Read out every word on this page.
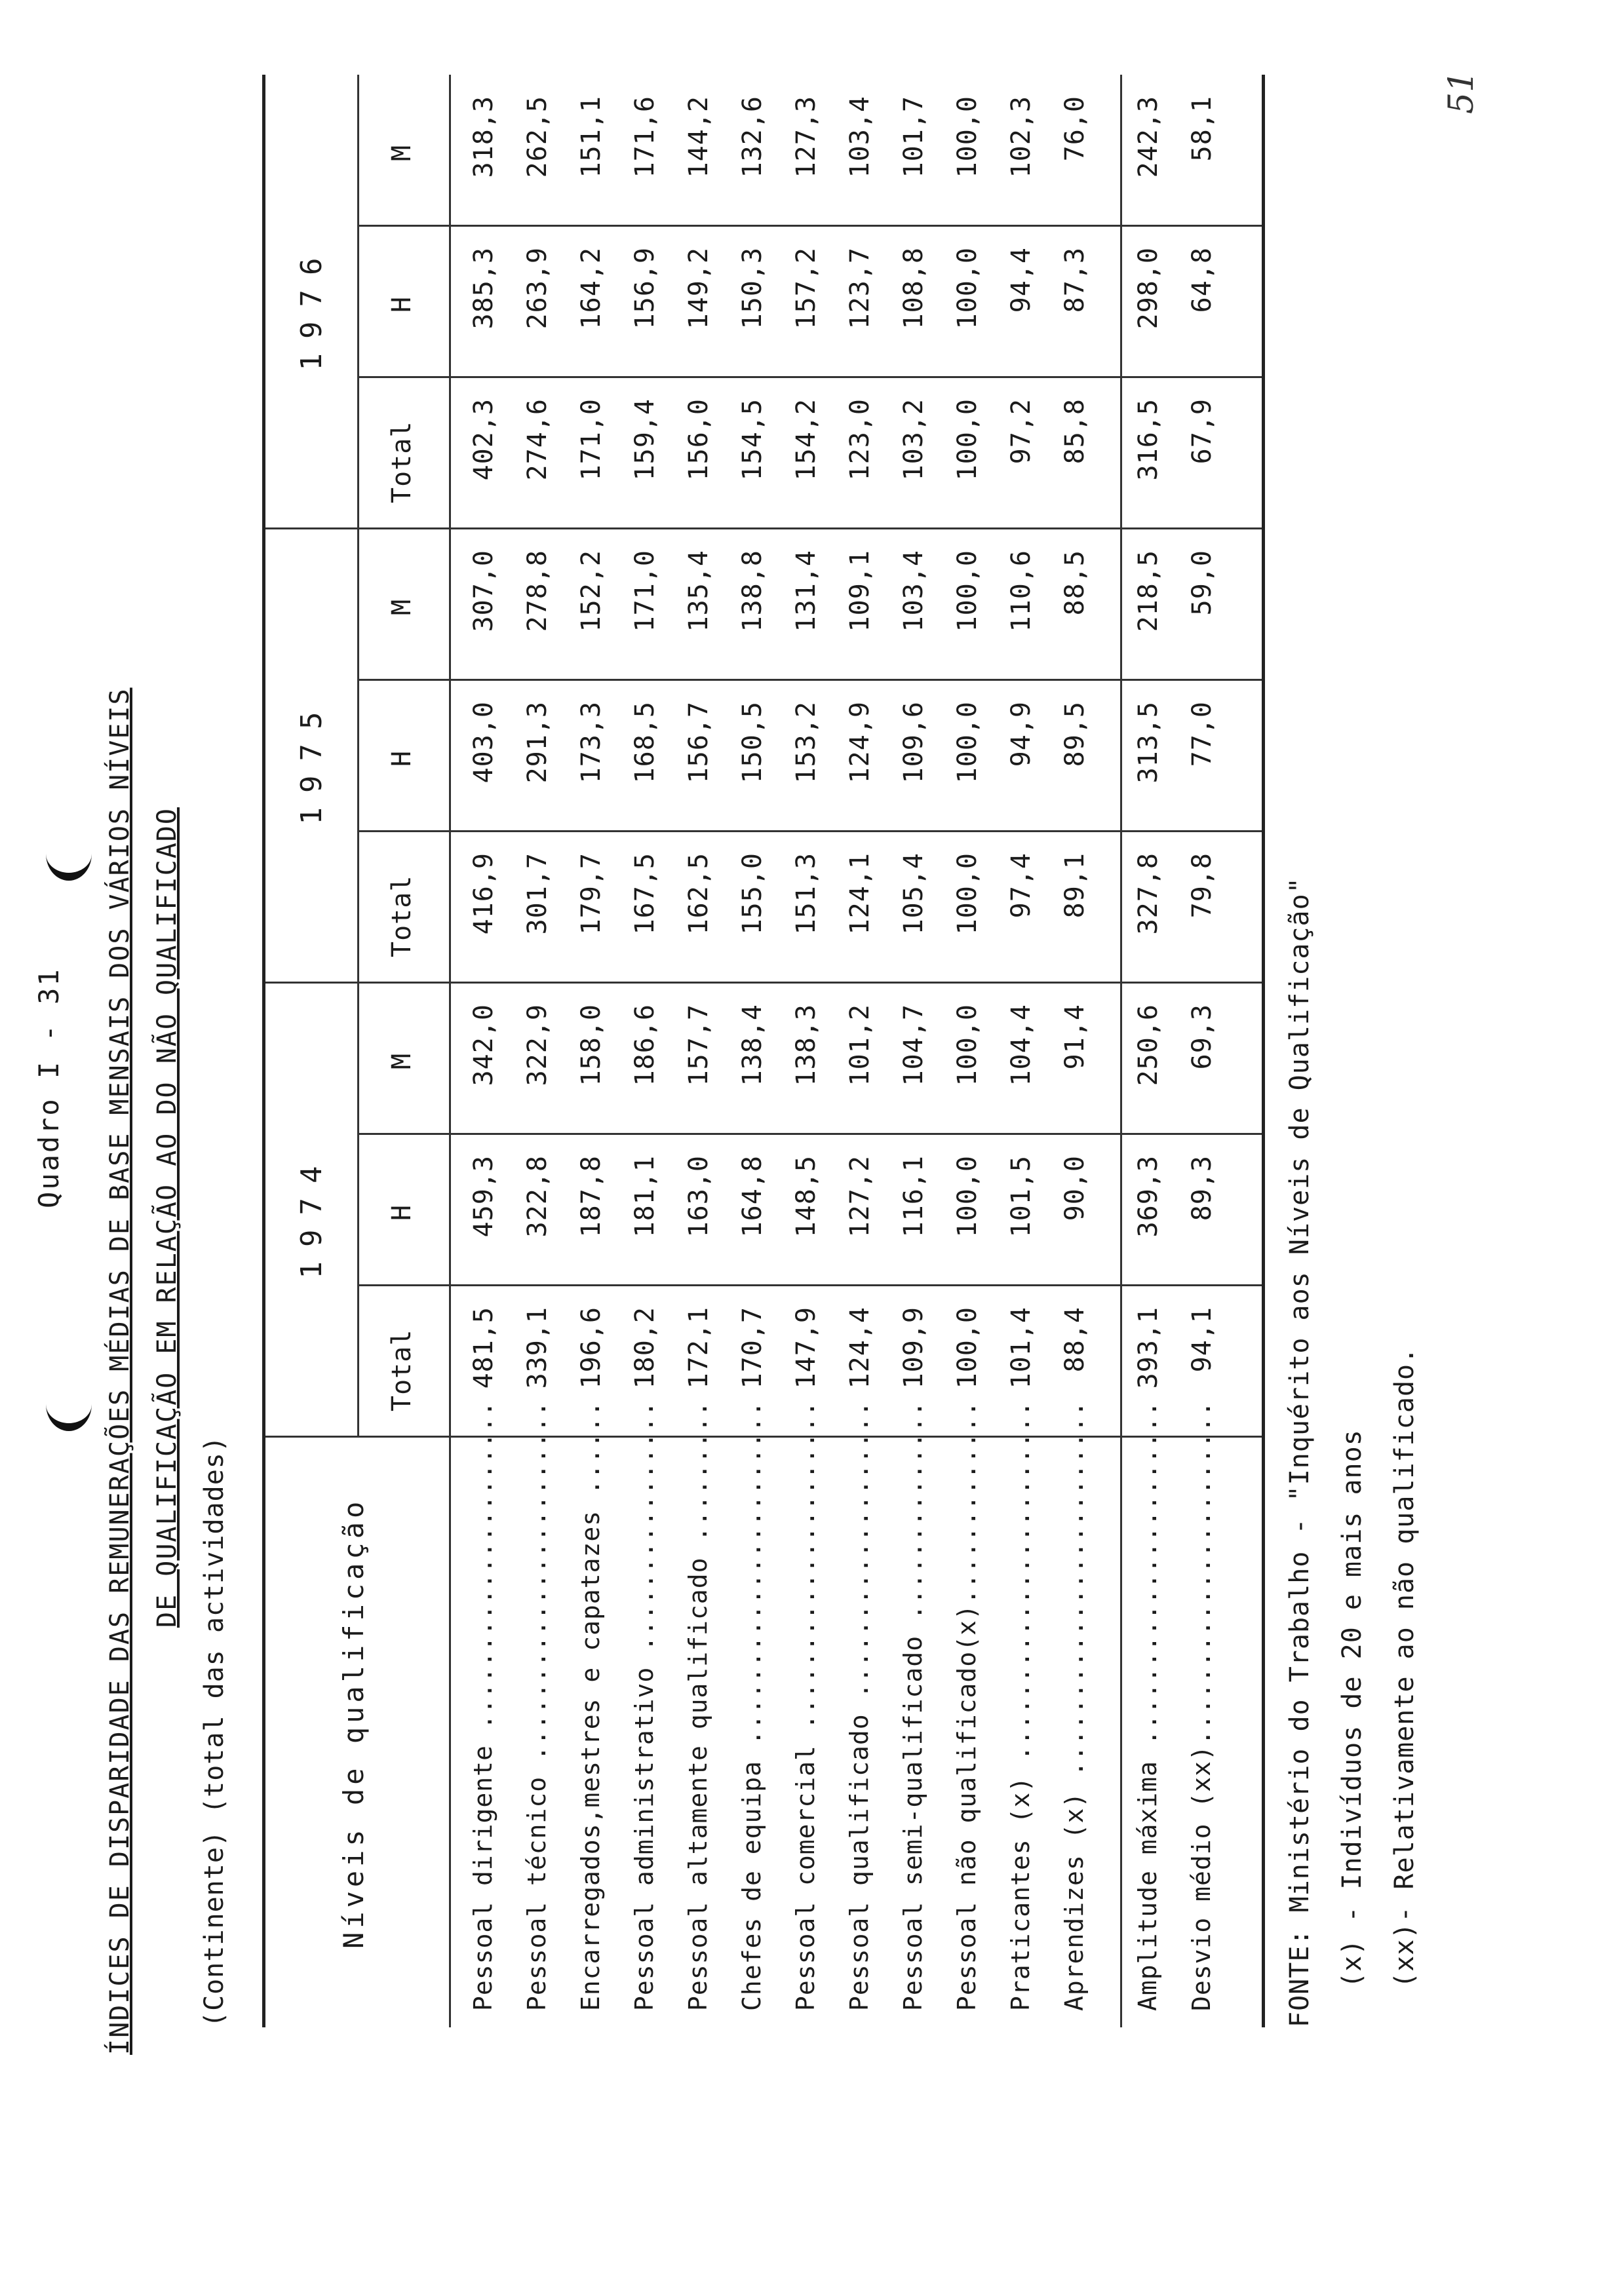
Quadro I - 31 ÍNDICES DE DISPARIDADE DAS REMUNERAÇÕES MÉDIAS DE BASE MENSAIS DOS VÁRIOS NÍVEIS DE QUALIFICAÇÃO EM RELAÇÃO AO DO NÃO QUALIFICADO
(Continente) (total das actividades)
51
Níveis de qualificação
1974
Total
H
M
1975
Total
H
M
1976
Total
H
M
Pessoal dirigente .....................
481,5
459,3
342,0
416,9
403,0
307,0
402,3
385,3
318,3
Pessoal técnico .......................
339,1
322,8
322,9
301,7
291,3
278,8
274,6
263,9
262,5
Encarregados,mestres e capatazes ......
196,6
187,8
158,0
179,7
173,3
152,2
171,0
164,2
151,1
Pessoal administrativo ................
180,2
181,1
186,6
167,5
168,5
171,0
159,4
156,9
171,6
Pessoal altamente qualificado .........
172,1
163,0
157,7
162,5
156,7
135,4
156,0
149,2
144,2
Chefes de equipa ......................
170,7
164,8
138,4
155,0
150,5
138,8
154,5
150,3
132,6
Pessoal comercial .....................
147,9
148,5
138,3
151,3
153,2
131,4
154,2
157,2
127,3
Pessoal qualificado ...................
124,4
127,2
101,2
124,1
124,9
109,1
123,0
123,7
103,4
Pessoal semi-qualificado ..............
109,9
116,1
104,7
105,4
109,6
103,4
103,2
108,8
101,7
Pessoal não qualificado(x).............
100,0
100,0
100,0
100,0
100,0
100,0
100,0
100,0
100,0
Praticantes (x) .......................
101,4
101,5
104,4
97,4
94,9
110,6
97,2
94,4
102,3
Aprendizes (x) ........................
88,4
90,0
91,4
89,1
89,5
88,5
85,8
87,3
76,0
Amplitude máxima ......................
393,1
369,3
250,6
327,8
313,5
218,5
316,5
298,0
242,3
Desvio médio (xx)......................
94,1
89,3
69,3
79,8
77,0
59,0
67,9
64,8
58,1
FONTE: Ministério do Trabalho - "Inquérito aos Níveis de Qualificação" (x) - Indivíduos de 20 e mais anos (xx)- Relativamente ao não qualificado.
